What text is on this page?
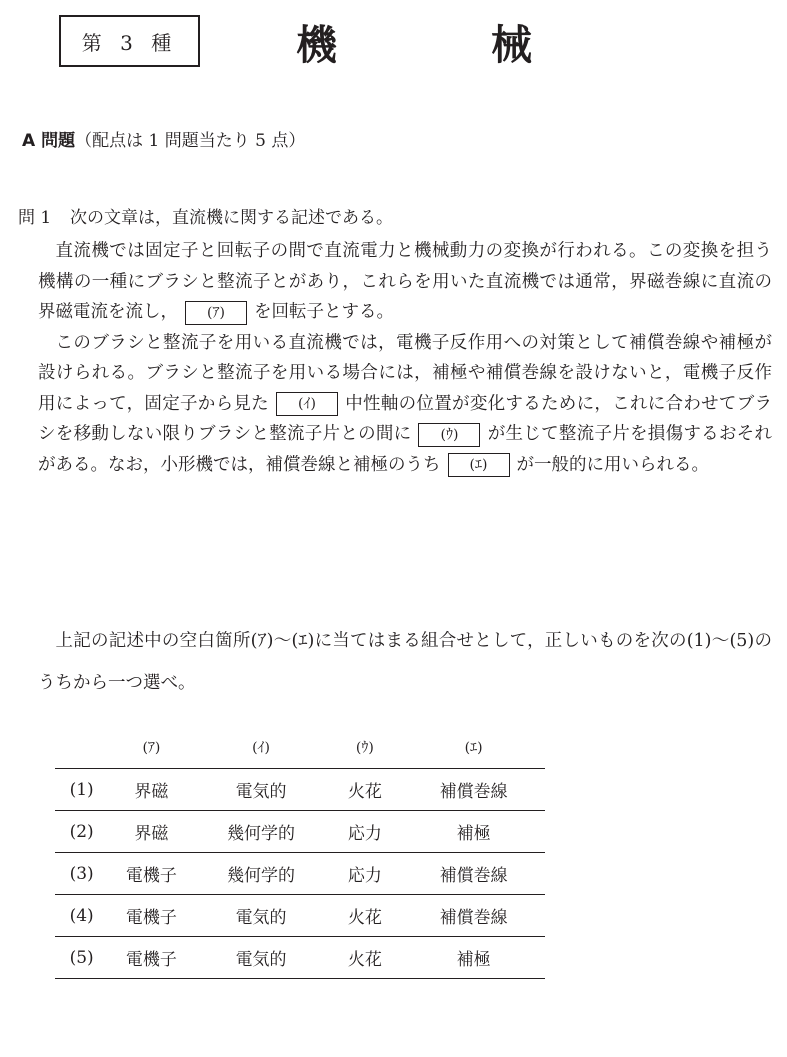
第 3 種	機	械
A 問題（配点は 1 問題当たり 5 点）
問 1 次の文章は，直流機に関する記述である。

直流機では固定子と回転子の間で直流電力と機械動力の変換が行われる。この変換を担う機構の一種にブラシと整流子とがあり，これらを用いた直流機では通常，界磁巻線に直流の界磁電流を流し， (ｱ) を回転子とする。

このブラシと整流子を用いる直流機では，電機子反作用への対策として補償巻線や補極が設けられる。ブラシと整流子を用いる場合には，補極や補償巻線を設けないと，電機子反作用によって，固定子から見た (ｲ) 中性軸の位置が変化するために，これに合わせてブラシを移動しない限りブラシと整流子片との間に (ｳ) が生じて整流子片を損傷するおそれがある。なお，小形機では，補償巻線と補極のうち (ｴ) が一般的に用いられる。

上記の記述中の空白箇所(ｱ)～(ｴ)に当てはまる組合せとして，正しいものを次の(1)～(5)のうちから一つ選べ。

	(ｱ)	(ｲ)	(ｳ)	(ｴ)
(1)	界磁	電気的	火花	補償巻線
(2)	界磁	幾何学的	応力	補極
(3)	電機子	幾何学的	応力	補償巻線
(4)	電機子	電気的	火花	補償巻線
(5)	電機子	電気的	火花	補極
